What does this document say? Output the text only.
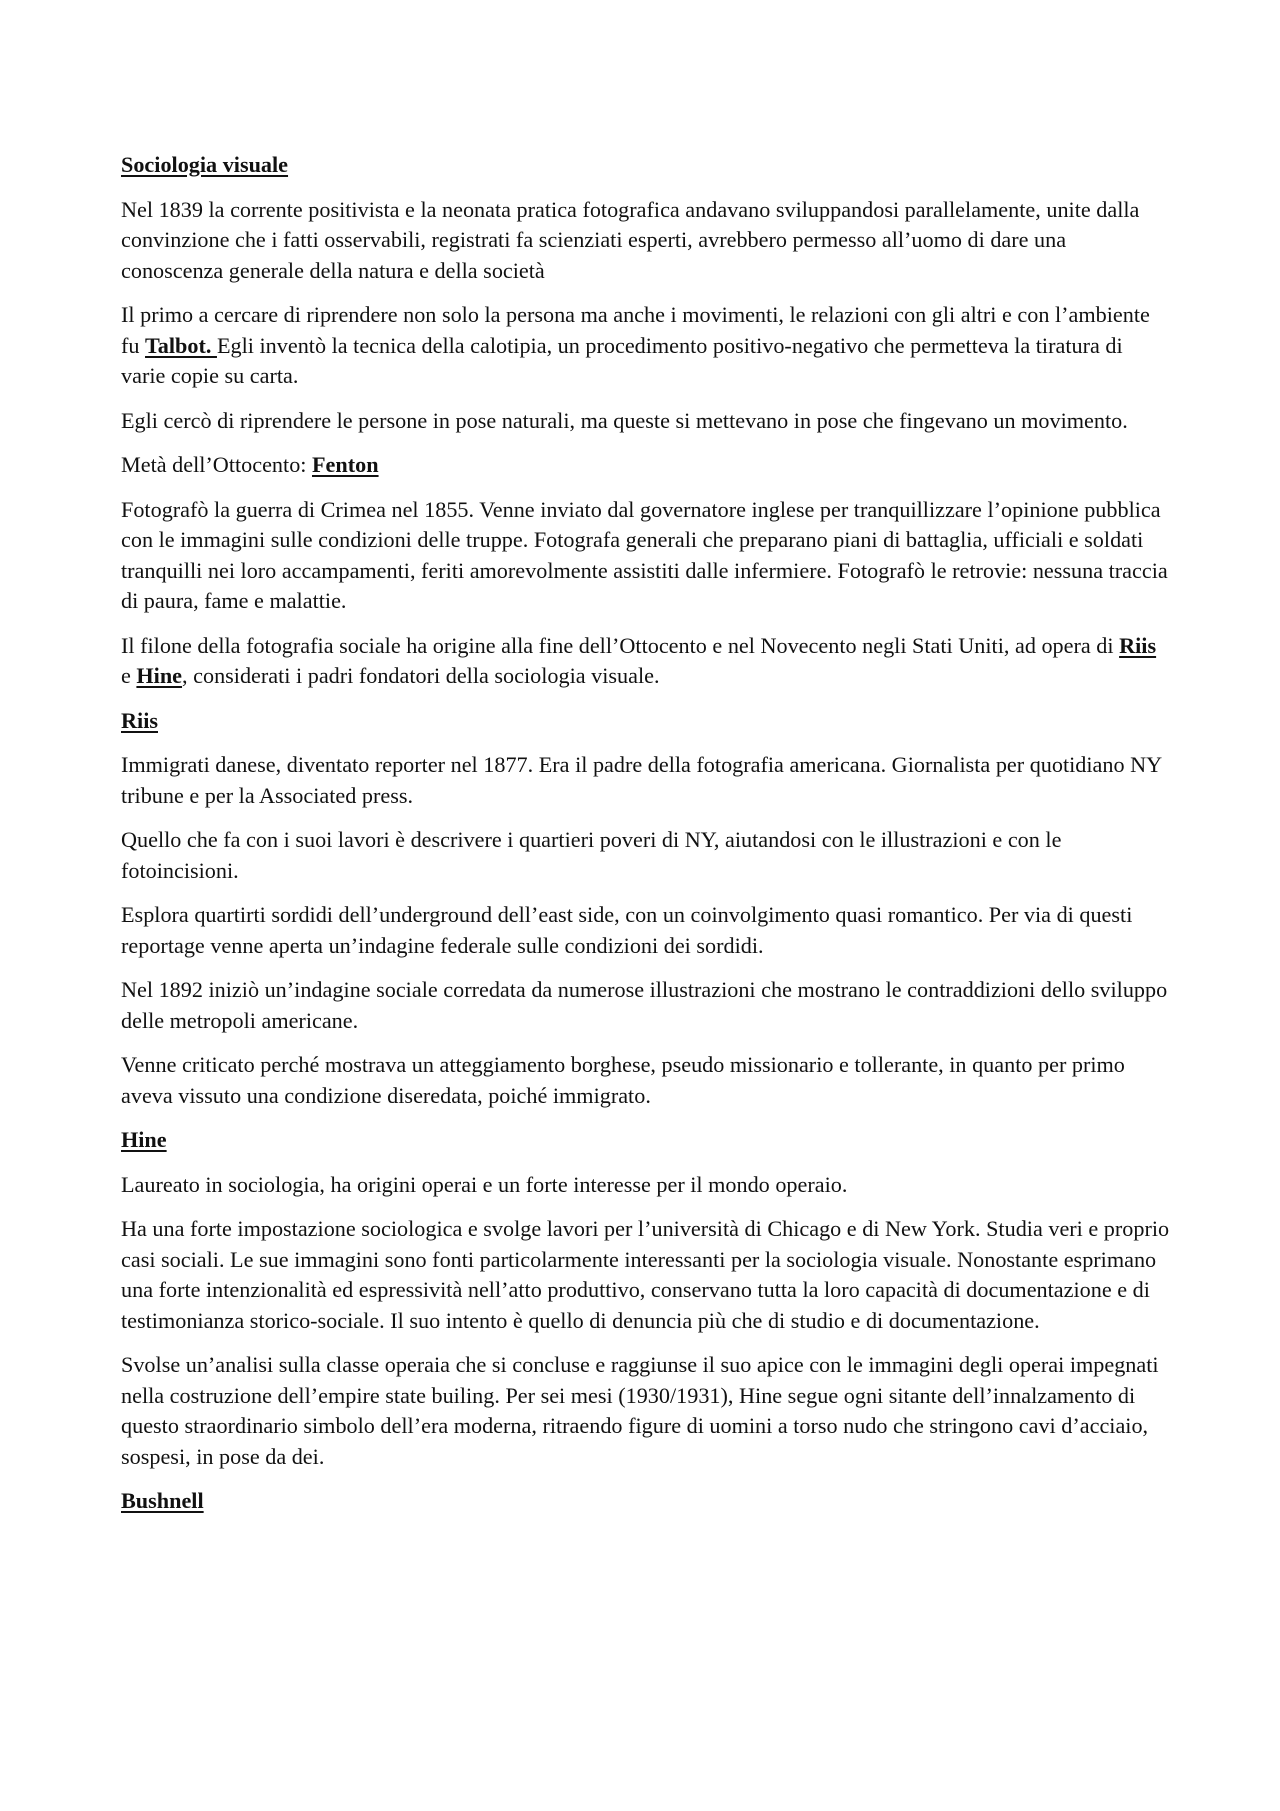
Sociologia visuale

Nel 1839 la corrente positivista e la neonata pratica fotografica andavano sviluppandosi parallelamente, unite dalla convinzione che i fatti osservabili, registrati fa scienziati esperti, avrebbero permesso all’uomo di dare una conoscenza generale della natura e della società

Il primo a cercare di riprendere non solo la persona ma anche i movimenti, le relazioni con gli altri e con l’ambiente fu Talbot. Egli inventò la tecnica della calotipia, un procedimento positivo-negativo che permetteva la tiratura di varie copie su carta.

Egli cercò di riprendere le persone in pose naturali, ma queste si mettevano in pose che fingevano un movimento.

Metà dell’Ottocento: Fenton

Fotografò la guerra di Crimea nel 1855. Venne inviato dal governatore inglese per tranquillizzare l’opinione pubblica con le immagini sulle condizioni delle truppe. Fotografa generali che preparano piani di battaglia, ufficiali e soldati tranquilli nei loro accampamenti, feriti amorevolmente assistiti dalle infermiere. Fotografò le retrovie: nessuna traccia di paura, fame e malattie.

Il filone della fotografia sociale ha origine alla fine dell’Ottocento e nel Novecento negli Stati Uniti, ad opera di Riis e Hine, considerati i padri fondatori della sociologia visuale.

Riis

Immigrati danese, diventato reporter nel 1877. Era il padre della fotografia americana. Giornalista per quotidiano NY tribune e per la Associated press.

Quello che fa con i suoi lavori è descrivere i quartieri poveri di NY, aiutandosi con le illustrazioni e con le fotoincisioni.

Esplora quartirti sordidi dell’underground dell’east side, con un coinvolgimento quasi romantico. Per via di questi reportage venne aperta un’indagine federale sulle condizioni dei sordidi.

Nel 1892 iniziò un’indagine sociale corredata da numerose illustrazioni che mostrano le contraddizioni dello sviluppo delle metropoli americane.

Venne criticato perché mostrava un atteggiamento borghese, pseudo missionario e tollerante, in quanto per primo aveva vissuto una condizione diseredata, poiché immigrato.

Hine

Laureato in sociologia, ha origini operai e un forte interesse per il mondo operaio.

Ha una forte impostazione sociologica e svolge lavori per l’università di Chicago e di New York. Studia veri e proprio casi sociali. Le sue immagini sono fonti particolarmente interessanti per la sociologia visuale. Nonostante esprimano una forte intenzionalità ed espressività nell’atto produttivo, conservano tutta la loro capacità di documentazione e di testimonianza storico-sociale. Il suo intento è quello di denuncia più che di studio e di documentazione.

Svolse un’analisi sulla classe operaia che si concluse e raggiunse il suo apice con le immagini degli operai impegnati nella costruzione dell’empire state builing. Per sei mesi (1930/1931), Hine segue ogni sitante dell’innalzamento di questo straordinario simbolo dell’era moderna, ritraendo figure di uomini a torso nudo che stringono cavi d’acciaio, sospesi, in pose da dei.

Bushnell
